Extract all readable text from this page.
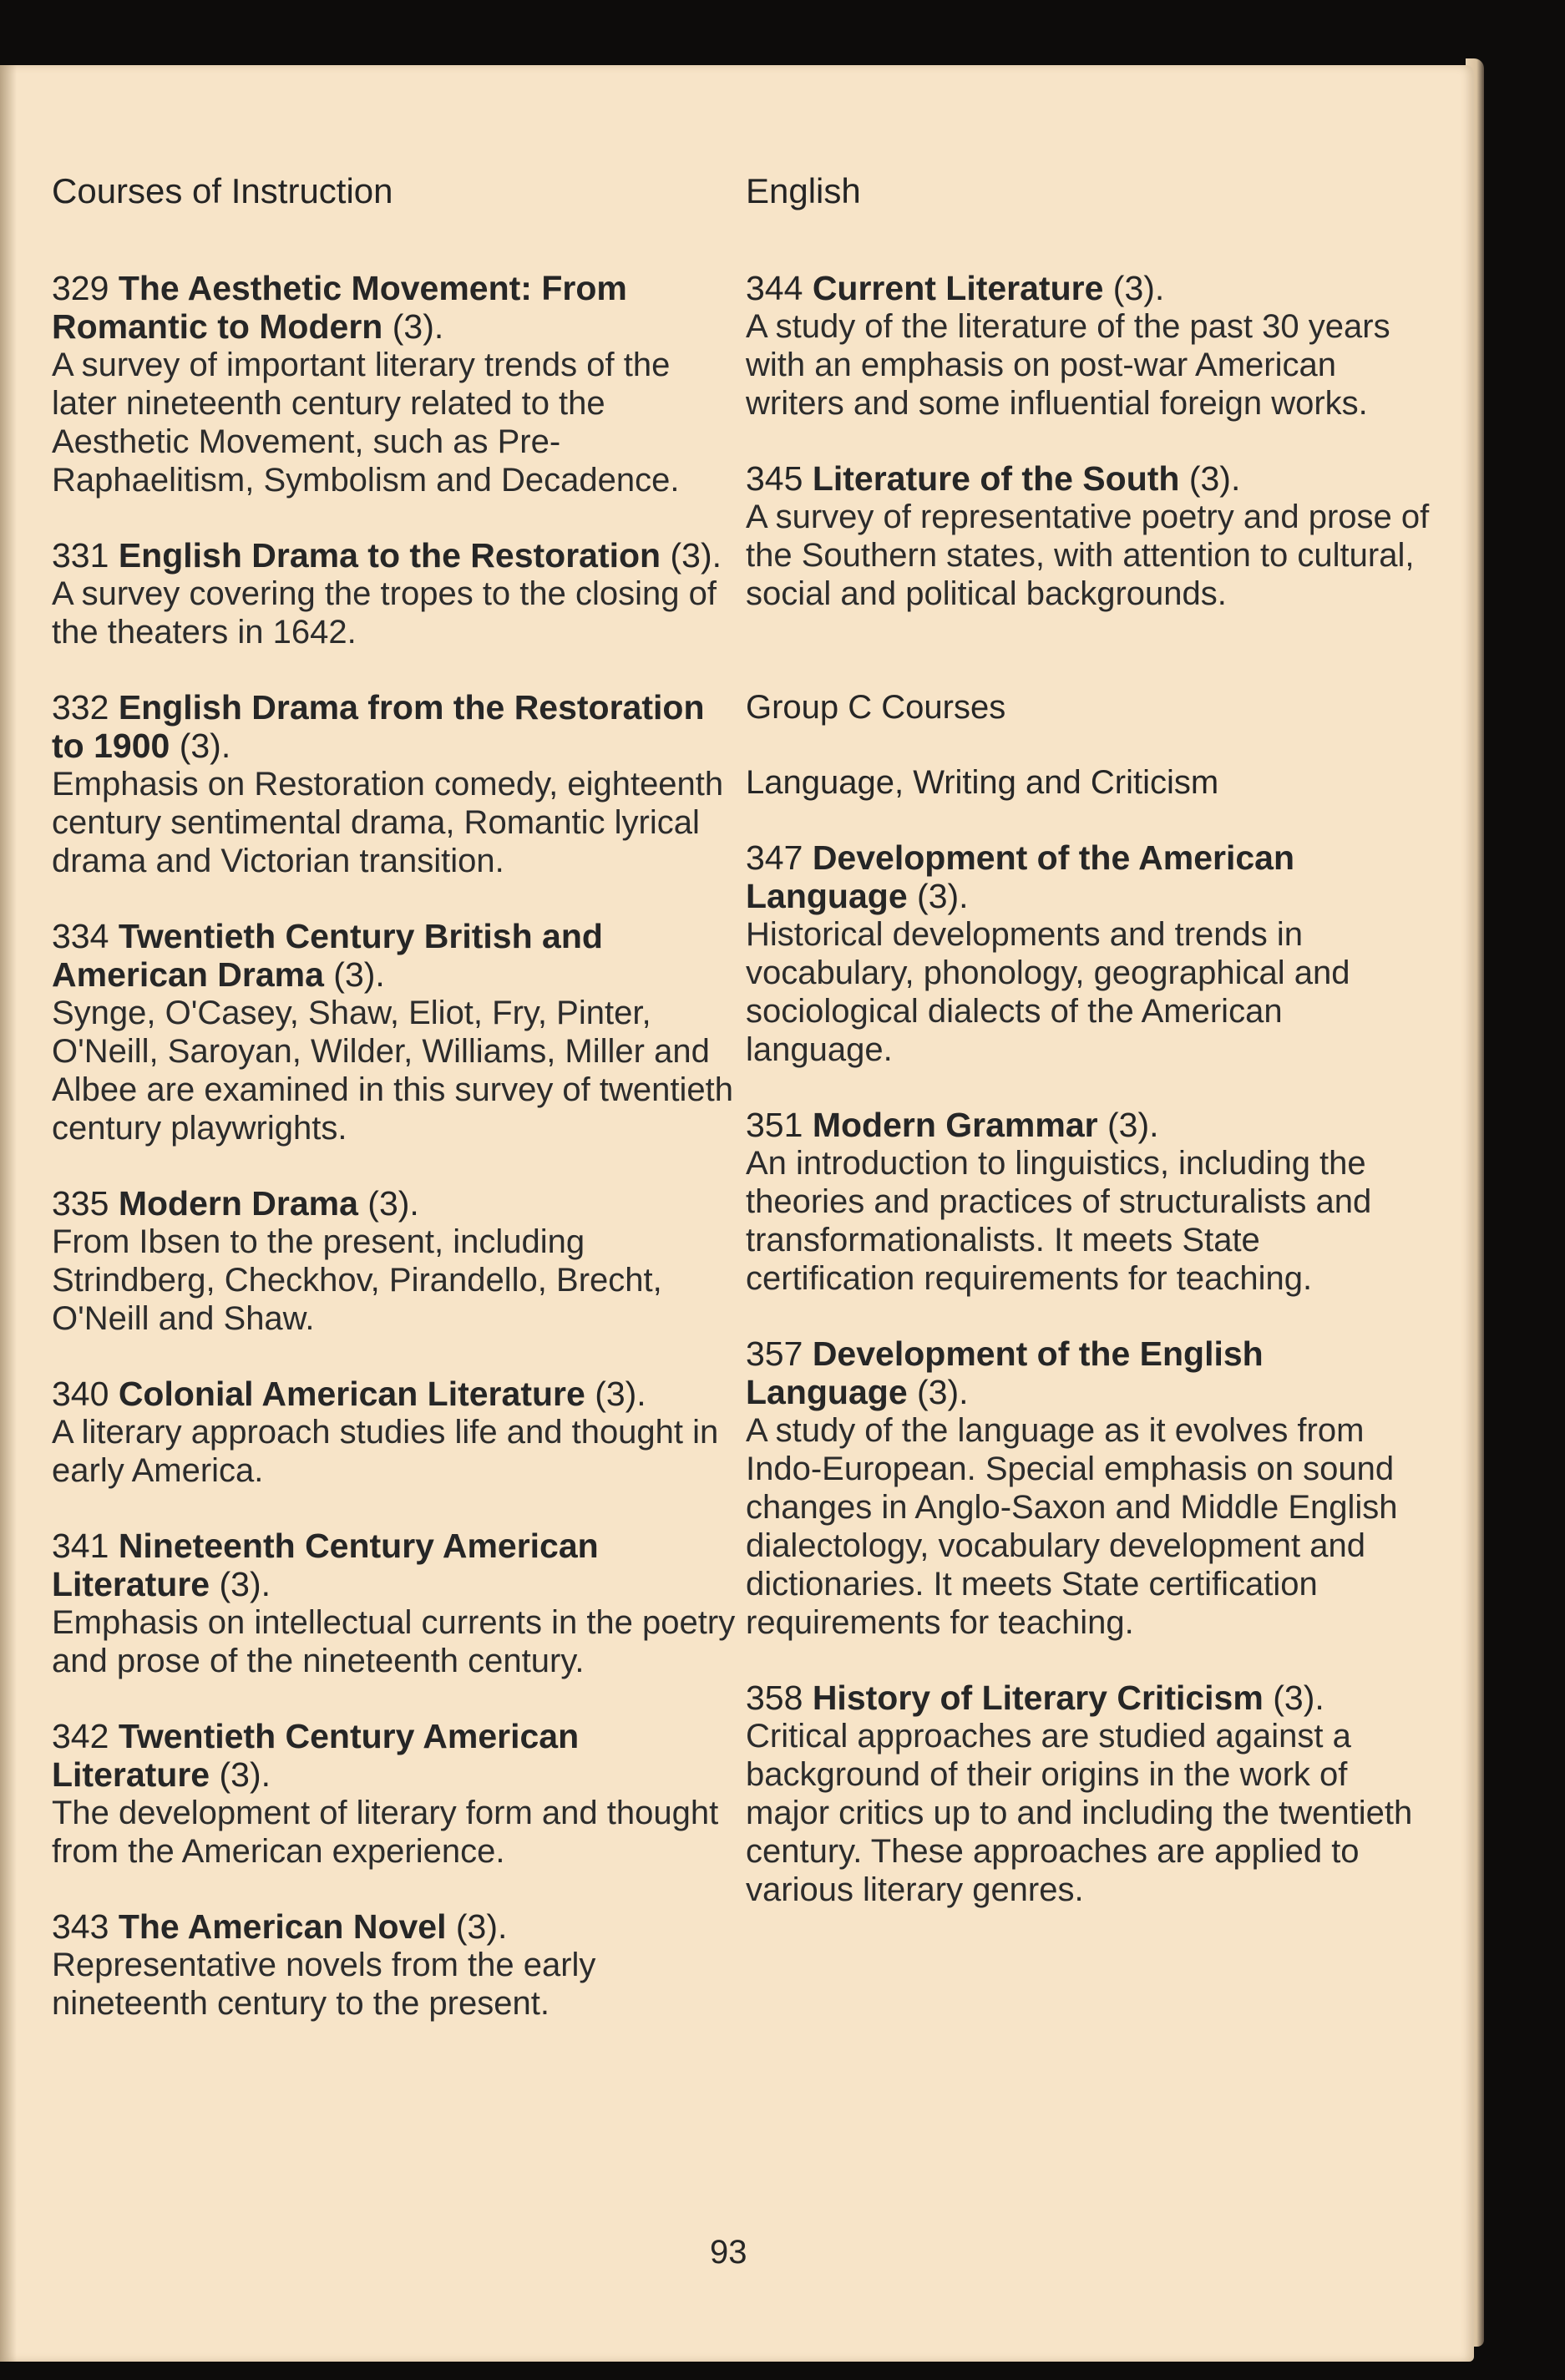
Courses of Instruction	English

329 The Aesthetic Movement: From Romantic to Modern (3).

A survey of important literary trends of the later nineteenth century related to the Aesthetic Movement, such as Pre-Raphaelitism, Symbolism and Decadence.

331 English Drama to the Restoration (3).

A survey covering the tropes to the closing of the theaters in 1642.

332 English Drama from the Restoration to 1900 (3).

Emphasis on Restoration comedy, eighteenth century sentimental drama, Romantic lyrical drama and Victorian transition.

334 Twentieth Century British and American Drama (3).

Synge, O'Casey, Shaw, Eliot, Fry, Pinter, O'Neill, Saroyan, Wilder, Williams, Miller and Albee are examined in this survey of twentieth century playwrights.

335 Modern Drama (3).

From Ibsen to the present, including Strindberg, Checkhov, Pirandello, Brecht, O'Neill and Shaw.

340 Colonial American Literature (3).

A literary approach studies life and thought in early America.

341 Nineteenth Century American Literature (3).

Emphasis on intellectual currents in the poetry and prose of the nineteenth century.

342 Twentieth Century American Literature (3).

The development of literary form and thought from the American experience.

343 The American Novel (3).

Representative novels from the early nineteenth century to the present.

344 Current Literature (3).

A study of the literature of the past 30 years with an emphasis on post-war American writers and some influential foreign works.

345 Literature of the South (3).

A survey of representative poetry and prose of the Southern states, with attention to cultural, social and political backgrounds.

Group C Courses

Language, Writing and Criticism

347 Development of the American Language (3).

Historical developments and trends in vocabulary, phonology, geographical and sociological dialects of the American language.

351 Modern Grammar (3).

An introduction to linguistics, including the theories and practices of structuralists and transformationalists. It meets State certification requirements for teaching.

357 Development of the English Language (3).

A study of the language as it evolves from Indo-European. Special emphasis on sound changes in Anglo-Saxon and Middle English dialectology, vocabulary development and dictionaries. It meets State certification requirements for teaching.

358 History of Literary Criticism (3).

Critical approaches are studied against a background of their origins in the work of major critics up to and including the twentieth century. These approaches are applied to various literary genres.

93
